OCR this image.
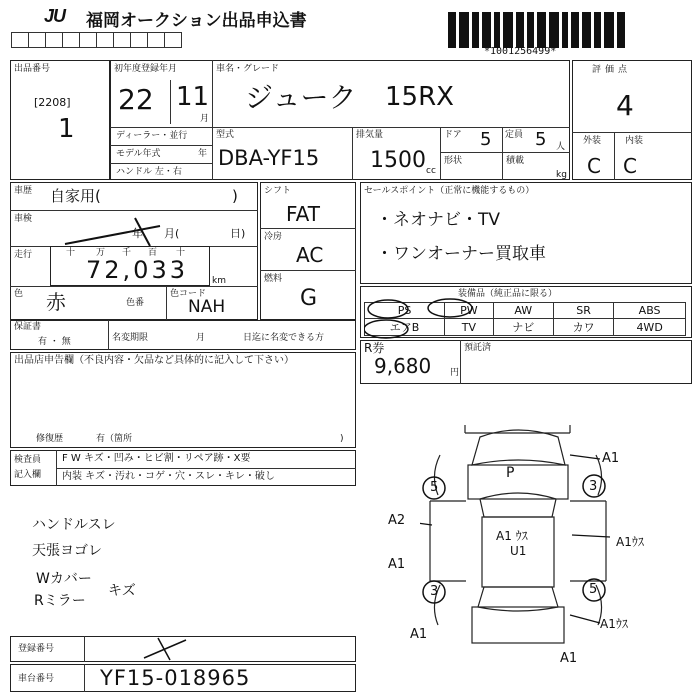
JU 福岡オークション出品申込書
*1001256499*
出品番号
[2208]
1
初年度登録年月
22 11
月
車名・グレード
ジューク 15RX
ディーラー・並行
モデル年式	年
ハンドル 左・右
型式
DBA-YF15
排気量
1500 cc
ドア 5 定員 5 人
形状	積載
kg
評価点
4
外装	内装
C C
車歴 自家用(	)
車検
年 月(	日)
走行	十 万 千 百 十
72,033	km
色 赤	色番
色コード
NAH
シフト
FAT
冷房
AC
燃料
G
セールスポイント（正常に機能するもの）
・ネオナビ・TV
・ワンオーナー買取車
装備品（純正品に限る）
PS	PW	AW	SR	ABS
エアB	TV	ナビ	カワ	4WD
保証書
有 ・ 無	名変期限	月	日迄に名変できる方
R券
9,680 円
預託済
出品店申告欄（不良内容・欠品など具体的に記入して下さい）
修復歴	有（箇所	)
検査員
記入欄
F W キズ・凹み・ヒビ割・リペア跡・X要
内装 キズ・汚れ・コゲ・穴・スレ・キレ・破し
ハンドルスレ
天張ヨゴレ
Wカバー
Rミラー
キズ
P
A1
A2
A1
A1
A1 ｳｽ
U1
A1ｳｽ
A1ｳｽ
A1
5	3
3	5
登録番号
車台番号 YF15-018965
